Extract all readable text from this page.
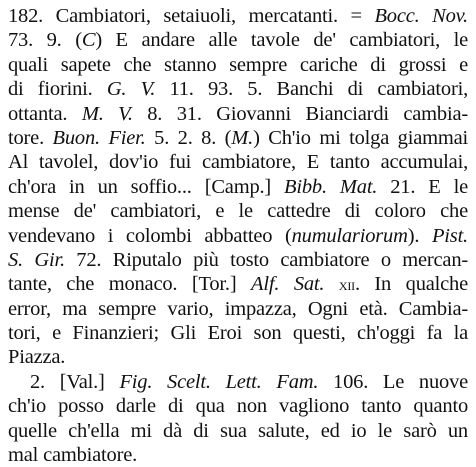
182. Cambiatori, setaiuoli, mercatanti. = Bocc. Nov.
73. 9. (C) E andare alle tavole de' cambiatori, le
quali sapete che stanno sempre cariche di grossi e
di fiorini. G. V. 11. 93. 5. Banchi di cambiatori,
ottanta. M. V. 8. 31. Giovanni Bianciardi cambia-
tore. Buon. Fier. 5. 2. 8. (M.) Ch'io mi tolga giammai
Al tavolel, dov'io fui cambiatore, E tanto accumulai,
ch'ora in un soffio... [Camp.] Bibb. Mat. 21. E le
mense de' cambiatori, e le cattedre di coloro che
vendevano i colombi abbatteo (numulariorum). Pist.
S. Gir. 72. Riputalo più tosto cambiatore o mercan-
tante, che monaco. [Tor.] Alf. Sat. xii. In qualche
error, ma sempre vario, impazza, Ogni età. Cambia-
tori, e Finanzieri; Gli Eroi son questi, ch'oggi fa la
Piazza.
2. [Val.] Fig. Scelt. Lett. Fam. 106. Le nuove
ch'io posso darle di qua non vagliono tanto quanto
quelle ch'ella mi dà di sua salute, ed io le sarò un
mal cambiatore.
